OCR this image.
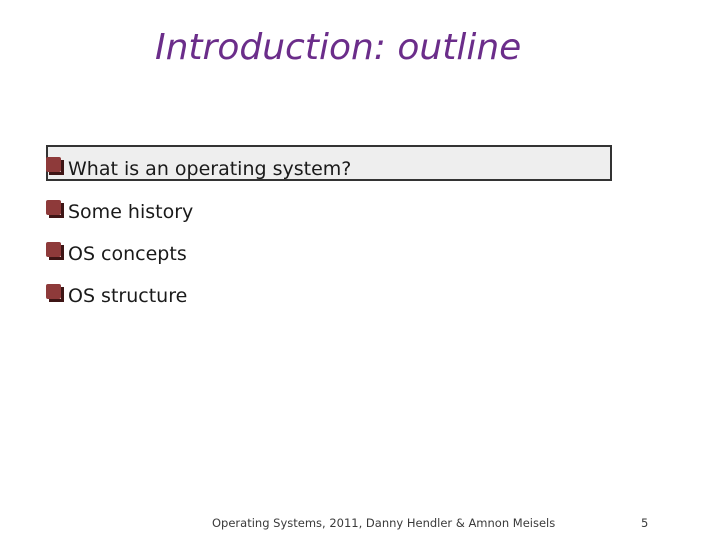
Introduction: outline
What is an operating system?
Some history
OS concepts
OS structure
Operating Systems, 2011, Danny Hendler & Amnon Meisels	5
